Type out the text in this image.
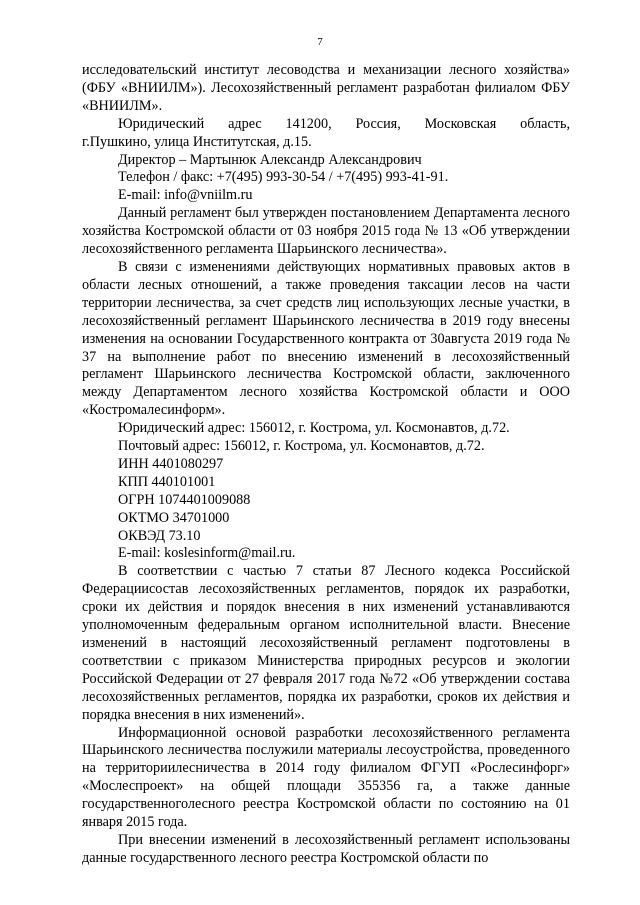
7

исследовательский институт лесоводства и механизации лесного хозяйства» (ФБУ «ВНИИЛМ»). Лесохозяйственный регламент разработан филиалом ФБУ «ВНИИЛМ».

Юридический адрес 141200, Россия, Московская область,

г.Пушкино, улица Институтская, д.15.

Директор – Мартынюк Александр Александрович

Телефон / факс: +7(495) 993-30-54 / +7(495) 993-41-91.

E-mail: info@vniilm.ru

Данный регламент был утвержден постановлением Департамента лесного хозяйства Костромской области от 03 ноября 2015 года № 13 «Об утверждении лесохозяйственного регламента Шарьинского лесничества».

В связи с изменениями действующих нормативных правовых актов в области лесных отношений, а также проведения таксации лесов на части территории лесничества, за счет средств лиц использующих лесные участки, в лесохозяйственный регламент Шарьинского лесничества в 2019 году внесены изменения на основании Государственного контракта от 30августа 2019 года № 37 на выполнение работ по внесению изменений в лесохозяйственный регламент Шарьинского лесничества Костромской области, заключенного между Департаментом лесного хозяйства Костромской области и ООО «Костромалесинформ».

Юридический адрес: 156012, г. Кострома, ул. Космонавтов, д.72.

Почтовый адрес: 156012, г. Кострома, ул. Космонавтов, д.72.

ИНН 4401080297

КПП 440101001

ОГРН 1074401009088

ОКТМО 34701000

ОКВЭД 73.10

E-mail: koslesinform@mail.ru.

В соответствии с частью 7 статьи 87 Лесного кодекса Российской Федерациисостав лесохозяйственных регламентов, порядок их разработки, сроки их действия и порядок внесения в них изменений устанавливаются уполномоченным федеральным органом исполнительной власти. Внесение изменений в настоящий лесохозяйственный регламент подготовлены в соответствии с приказом Министерства природных ресурсов и экологии Российской Федерации от 27 февраля 2017 года №72 «Об утверждении состава лесохозяйственных регламентов, порядка их разработки, сроков их действия и порядка внесения в них изменений».

Информационной основой разработки лесохозяйственного регламента Шарьинского лесничества послужили материалы лесоустройства, проведенного на территориилесничества в 2014 году филиалом ФГУП «Рослесинфорг» «Мослеспроект» на общей площади 355356 га, а также данные государственноголесного реестра Костромской области по состоянию на 01 января 2015 года.

При внесении изменений в лесохозяйственный регламент использованы данные государственного лесного реестра Костромской области по
